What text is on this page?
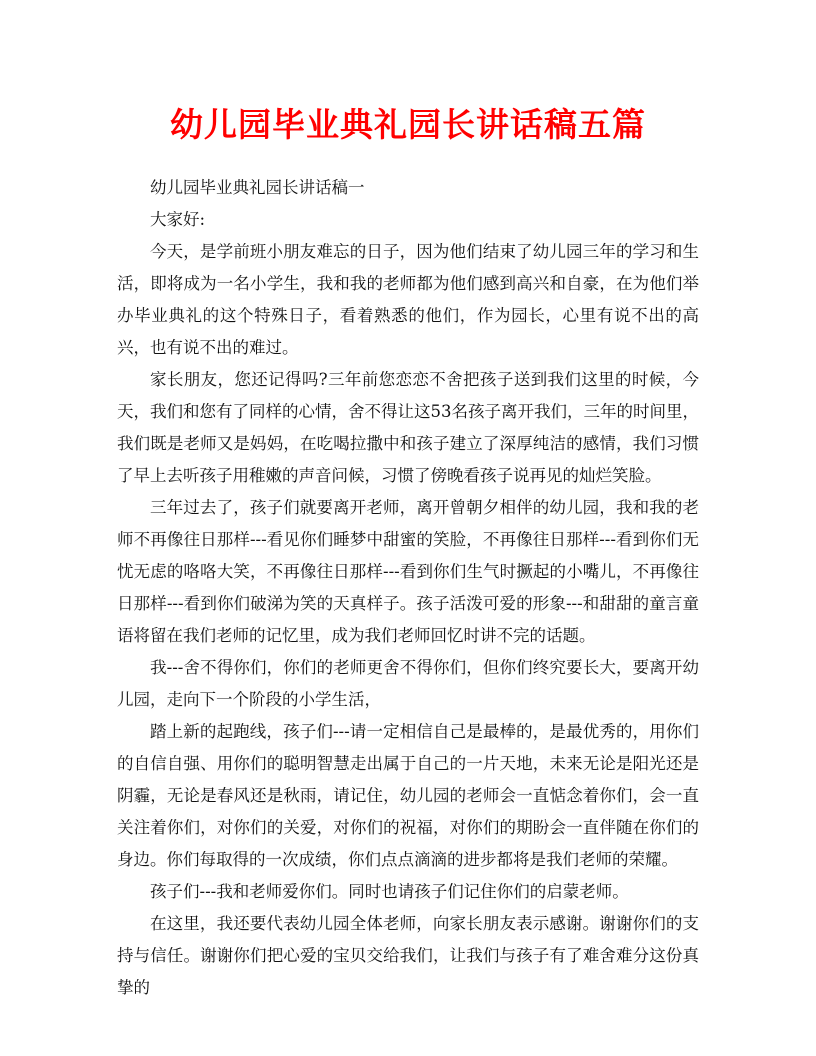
幼儿园毕业典礼园长讲话稿五篇

幼儿园毕业典礼园长讲话稿一

大家好:

今天，是学前班小朋友难忘的日子，因为他们结束了幼儿园三年的学习和生活，即将成为一名小学生，我和我的老师都为他们感到高兴和自豪，在为他们举办毕业典礼的这个特殊日子，看着熟悉的他们，作为园长，心里有说不出的高兴，也有说不出的难过。

家长朋友，您还记得吗?三年前您恋恋不舍把孩子送到我们这里的时候，今天，我们和您有了同样的心情，舍不得让这53名孩子离开我们，三年的时间里，我们既是老师又是妈妈，在吃喝拉撒中和孩子建立了深厚纯洁的感情，我们习惯了早上去听孩子用稚嫩的声音问候，习惯了傍晚看孩子说再见的灿烂笑脸。

三年过去了，孩子们就要离开老师，离开曾朝夕相伴的幼儿园，我和我的老师不再像往日那样---看见你们睡梦中甜蜜的笑脸，不再像往日那样---看到你们无忧无虑的咯咯大笑，不再像往日那样---看到你们生气时撅起的小嘴儿，不再像往日那样---看到你们破涕为笑的天真样子。孩子活泼可爱的形象---和甜甜的童言童语将留在我们老师的记忆里，成为我们老师回忆时讲不完的话题。

我---舍不得你们，你们的老师更舍不得你们，但你们终究要长大，要离开幼儿园，走向下一个阶段的小学生活，

踏上新的起跑线，孩子们---请一定相信自己是最棒的，是最优秀的，用你们的自信自强、用你们的聪明智慧走出属于自己的一片天地，未来无论是阳光还是阴霾，无论是春风还是秋雨，请记住，幼儿园的老师会一直惦念着你们，会一直关注着你们，对你们的关爱，对你们的祝福，对你们的期盼会一直伴随在你们的身边。你们每取得的一次成绩，你们点点滴滴的进步都将是我们老师的荣耀。

孩子们---我和老师爱你们。同时也请孩子们记住你们的启蒙老师。

在这里，我还要代表幼儿园全体老师，向家长朋友表示感谢。谢谢你们的支持与信任。谢谢你们把心爱的宝贝交给我们，让我们与孩子有了难舍难分这份真挚的
